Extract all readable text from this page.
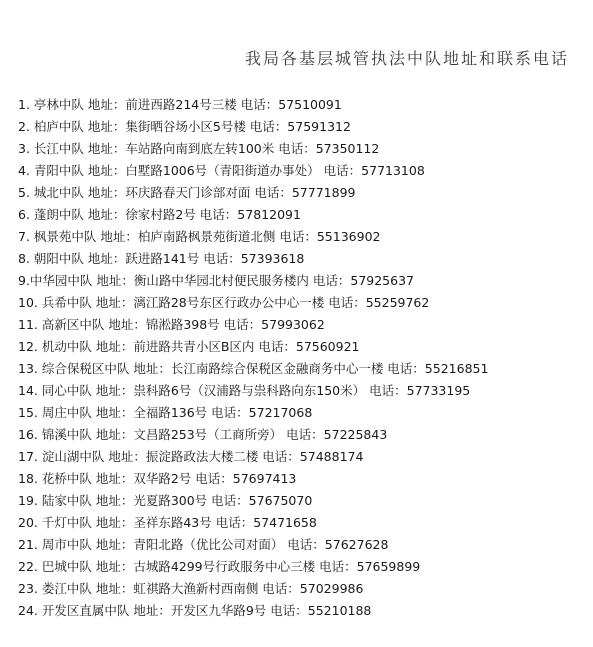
我局各基层城管执法中队地址和联系电话
1. 亭林中队 地址：前进西路214号三楼 电话：57510091
2. 柏庐中队 地址：集街晒谷场小区5号楼 电话：57591312
3. 长江中队 地址：车站路向南到底左转100米 电话：57350112
4. 青阳中队 地址：白墅路1006号（青阳街道办事处） 电话：57713108
5. 城北中队 地址：环庆路春天门诊部对面 电话：57771899
6. 蓬朗中队 地址：徐家村路2号 电话：57812091
7. 枫景苑中队 地址：柏庐南路枫景苑街道北侧 电话：55136902
8. 朝阳中队 地址：跃进路141号 电话：57393618
9.中华园中队 地址：衡山路中华园北村便民服务楼内 电话：57925637
10. 兵希中队 地址：漓江路28号东区行政办公中心一楼 电话：55259762
11. 高新区中队 地址：锦淞路398号 电话：57993062
12. 机动中队 地址：前进路共青小区B区内 电话：57560921
13. 综合保税区中队 地址：长江南路综合保税区金融商务中心一楼 电话：55216851
14. 同心中队 地址：祟科路6号（汉浦路与祟科路向东150米） 电话：57733195
15. 周庄中队 地址：全福路136号 电话：57217068
16. 锦溪中队 地址：文昌路253号（工商所旁） 电话：57225843
17. 淀山湖中队 地址：振淀路政法大楼二楼 电话：57488174
18. 花桥中队 地址：双华路2号 电话：57697413
19. 陆家中队 地址：光夏路300号 电话：57675070
20. 千灯中队 地址：圣祥东路43号 电话：57471658
21. 周市中队 地址：青阳北路（优比公司对面） 电话：57627628
22. 巴城中队 地址：古城路4299号行政服务中心三楼 电话：57659899
23. 娄江中队 地址：虹祺路大渔新村西南侧 电话：57029986
24. 开发区直属中队 地址：开发区九华路9号 电话：55210188
